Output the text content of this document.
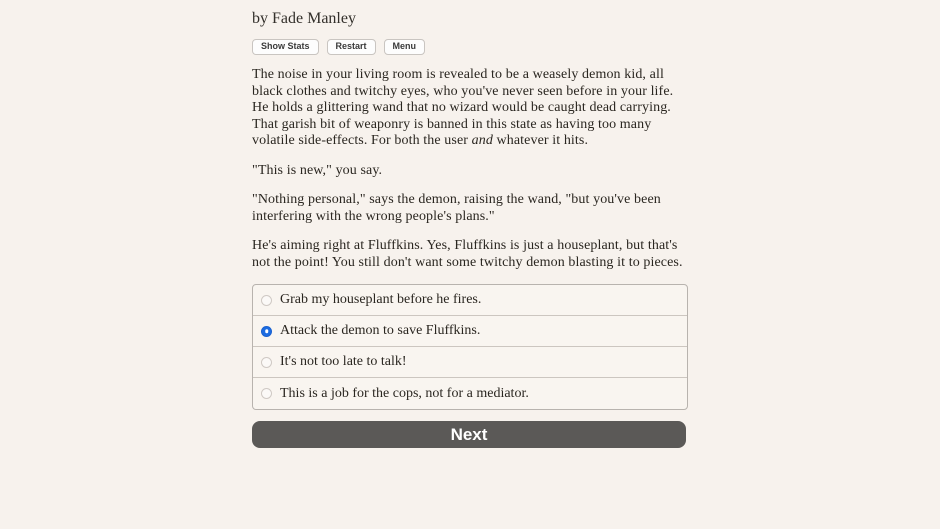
by Fade Manley
Show Stats	Restart	Menu

The noise in your living room is revealed to be a weasely demon kid, all black clothes and twitchy eyes, who you've never seen before in your life. He holds a glittering wand that no wizard would be caught dead carrying. That garish bit of weaponry is banned in this state as having too many volatile side-effects. For both the user and whatever it hits.

"This is new," you say.

"Nothing personal," says the demon, raising the wand, "but you've been interfering with the wrong people's plans."

He's aiming right at Fluffkins. Yes, Fluffkins is just a houseplant, but that's not the point! You still don't want some twitchy demon blasting it to pieces.

Grab my houseplant before he fires.
Attack the demon to save Fluffkins.
It's not too late to talk!
This is a job for the cops, not for a mediator.
Next
